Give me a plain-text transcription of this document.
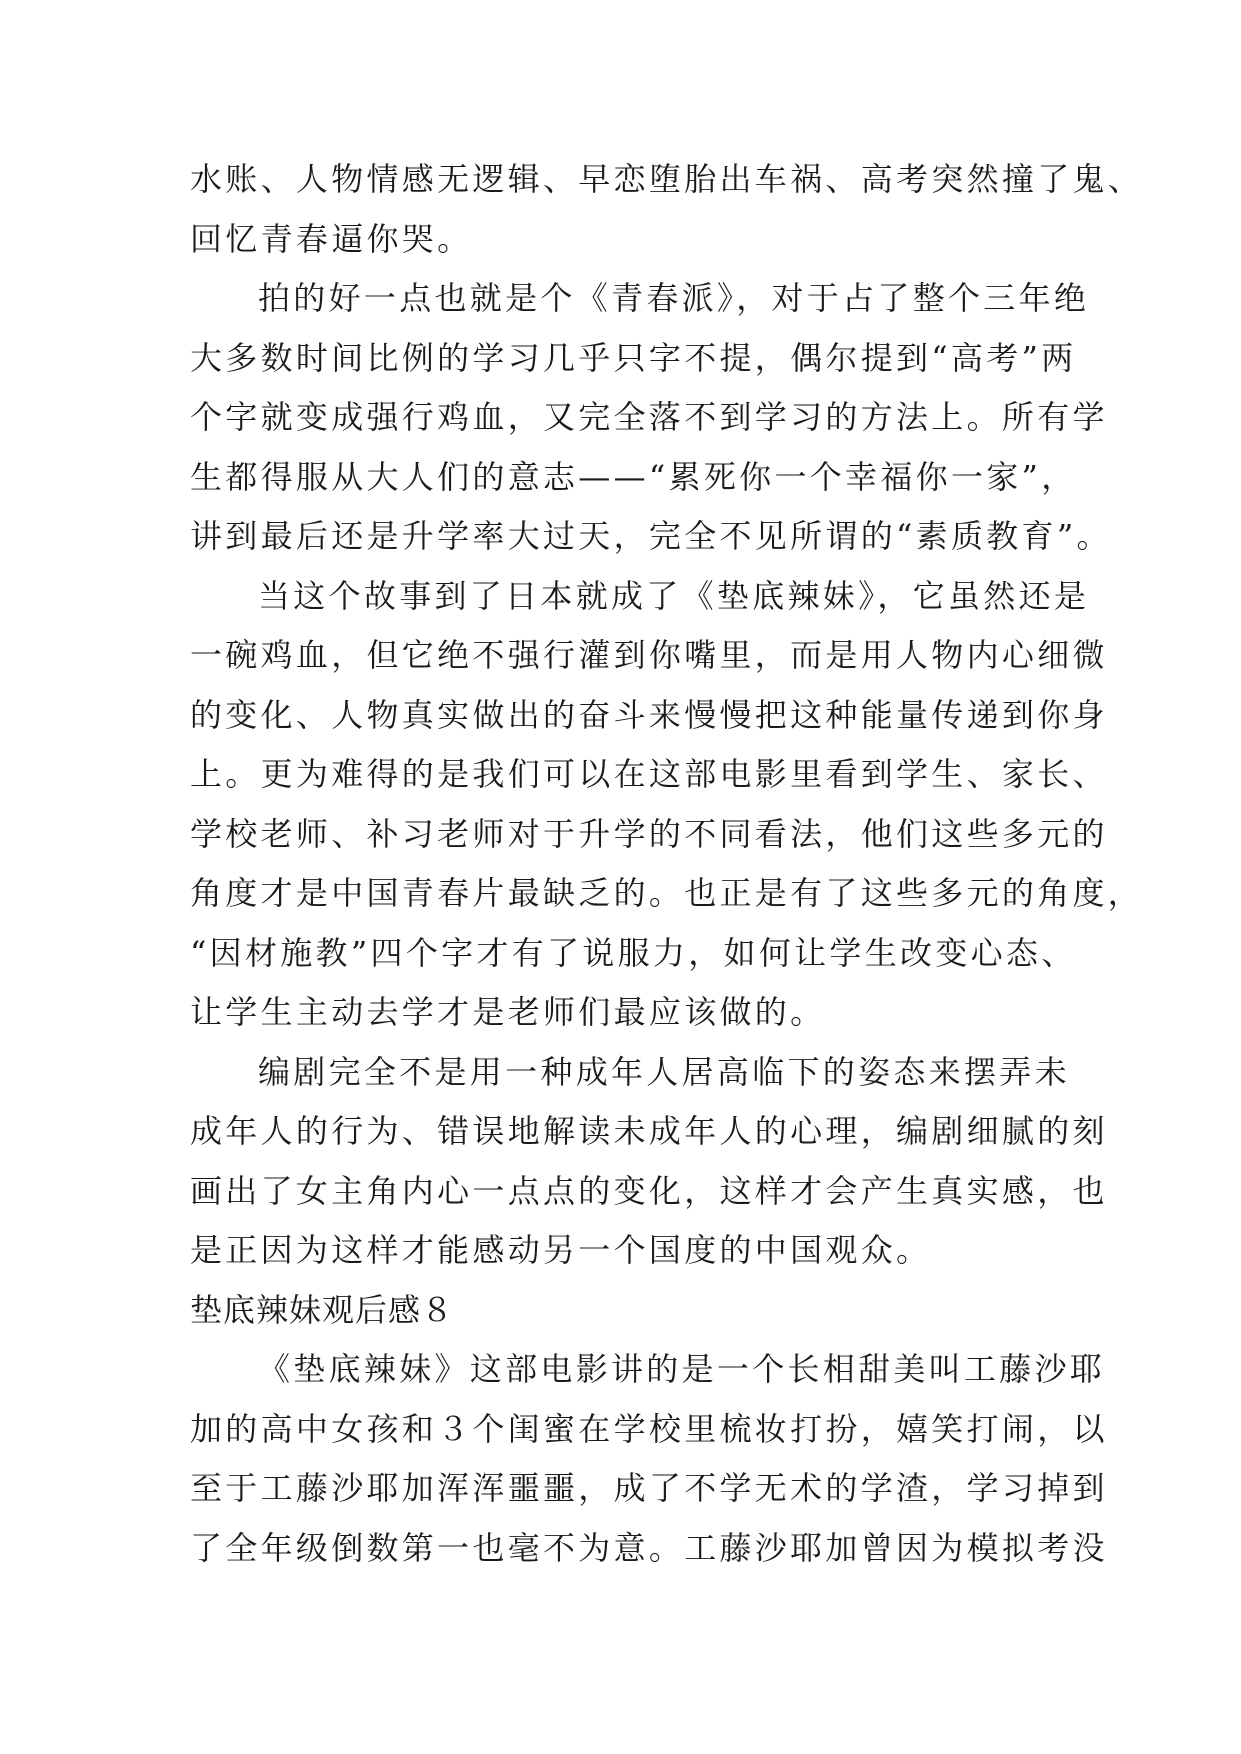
水账、人物情感无逻辑、早恋堕胎出车祸、高考突然撞了鬼、

回忆青春逼你哭。

拍的好一点也就是个《青春派》，对于占了整个三年绝

大多数时间比例的学习几乎只字不提，偶尔提到“高考”两

个字就变成强行鸡血，又完全落不到学习的方法上。所有学

生都得服从大人们的意志——“累死你一个幸福你一家”，

讲到最后还是升学率大过天，完全不见所谓的“素质教育”。

当这个故事到了日本就成了《垫底辣妹》，它虽然还是

一碗鸡血，但它绝不强行灌到你嘴里，而是用人物内心细微

的变化、人物真实做出的奋斗来慢慢把这种能量传递到你身

上。更为难得的是我们可以在这部电影里看到学生、家长、

学校老师、补习老师对于升学的不同看法，他们这些多元的

角度才是中国青春片最缺乏的。也正是有了这些多元的角度，

“因材施教”四个字才有了说服力，如何让学生改变心态、

让学生主动去学才是老师们最应该做的。

编剧完全不是用一种成年人居高临下的姿态来摆弄未

成年人的行为、错误地解读未成年人的心理，编剧细腻的刻

画出了女主角内心一点点的变化，这样才会产生真实感，也

是正因为这样才能感动另一个国度的中国观众。

垫底辣妹观后感８

《垫底辣妹》这部电影讲的是一个长相甜美叫工藤沙耶

加的高中女孩和３个闺蜜在学校里梳妆打扮，嬉笑打闹，以

至于工藤沙耶加浑浑噩噩，成了不学无术的学渣，学习掉到

了全年级倒数第一也毫不为意。工藤沙耶加曾因为模拟考没
